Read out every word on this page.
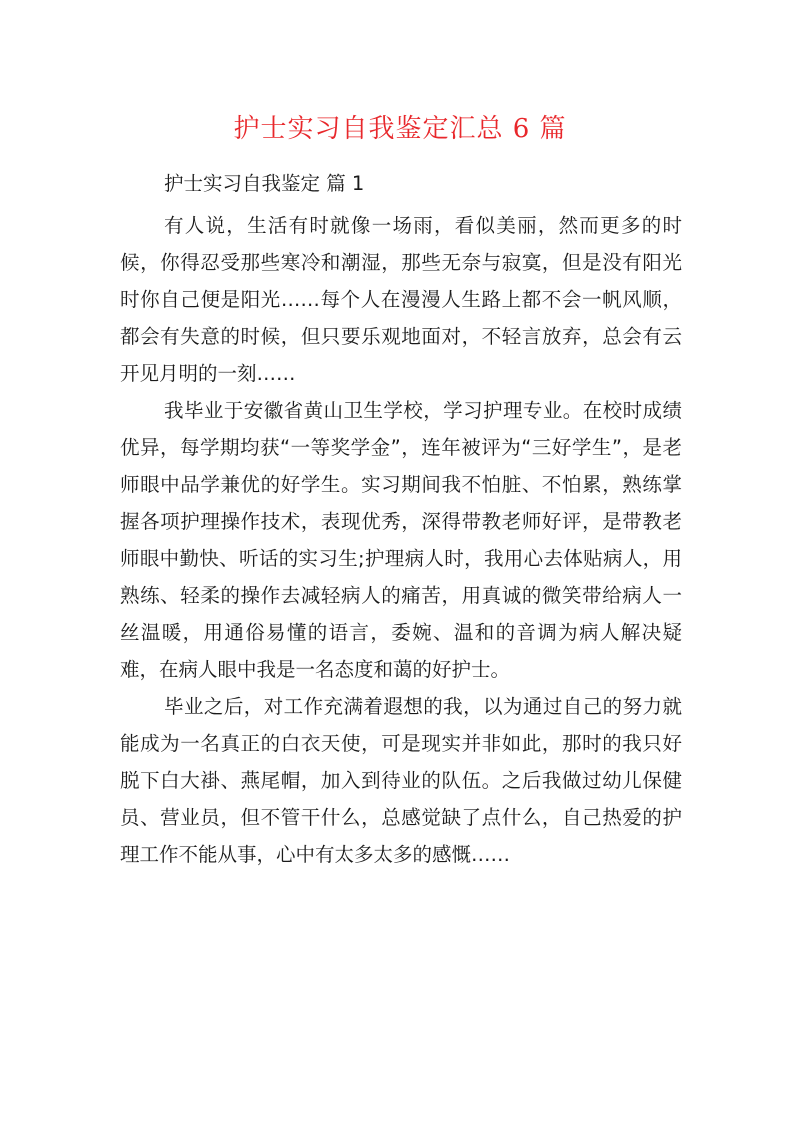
护士实习自我鉴定汇总 6 篇

护士实习自我鉴定 篇 1

有人说，生活有时就像一场雨，看似美丽，然而更多的时候，你得忍受那些寒冷和潮湿，那些无奈与寂寞，但是没有阳光时你自己便是阳光……每个人在漫漫人生路上都不会一帆风顺，都会有失意的时候，但只要乐观地面对，不轻言放弃，总会有云开见月明的一刻……

我毕业于安徽省黄山卫生学校，学习护理专业。在校时成绩优异，每学期均获“一等奖学金”，连年被评为“三好学生”，是老师眼中品学兼优的好学生。实习期间我不怕脏、不怕累，熟练掌握各项护理操作技术，表现优秀，深得带教老师好评，是带教老师眼中勤快、听话的实习生;护理病人时，我用心去体贴病人，用熟练、轻柔的操作去减轻病人的痛苦，用真诚的微笑带给病人一丝温暖，用通俗易懂的语言，委婉、温和的音调为病人解决疑难，在病人眼中我是一名态度和蔼的好护士。

毕业之后，对工作充满着遐想的我，以为通过自己的努力就能成为一名真正的白衣天使，可是现实并非如此，那时的我只好脱下白大褂、燕尾帽，加入到待业的队伍。之后我做过幼儿保健员、营业员，但不管干什么，总感觉缺了点什么，自己热爱的护理工作不能从事，心中有太多太多的感慨……
